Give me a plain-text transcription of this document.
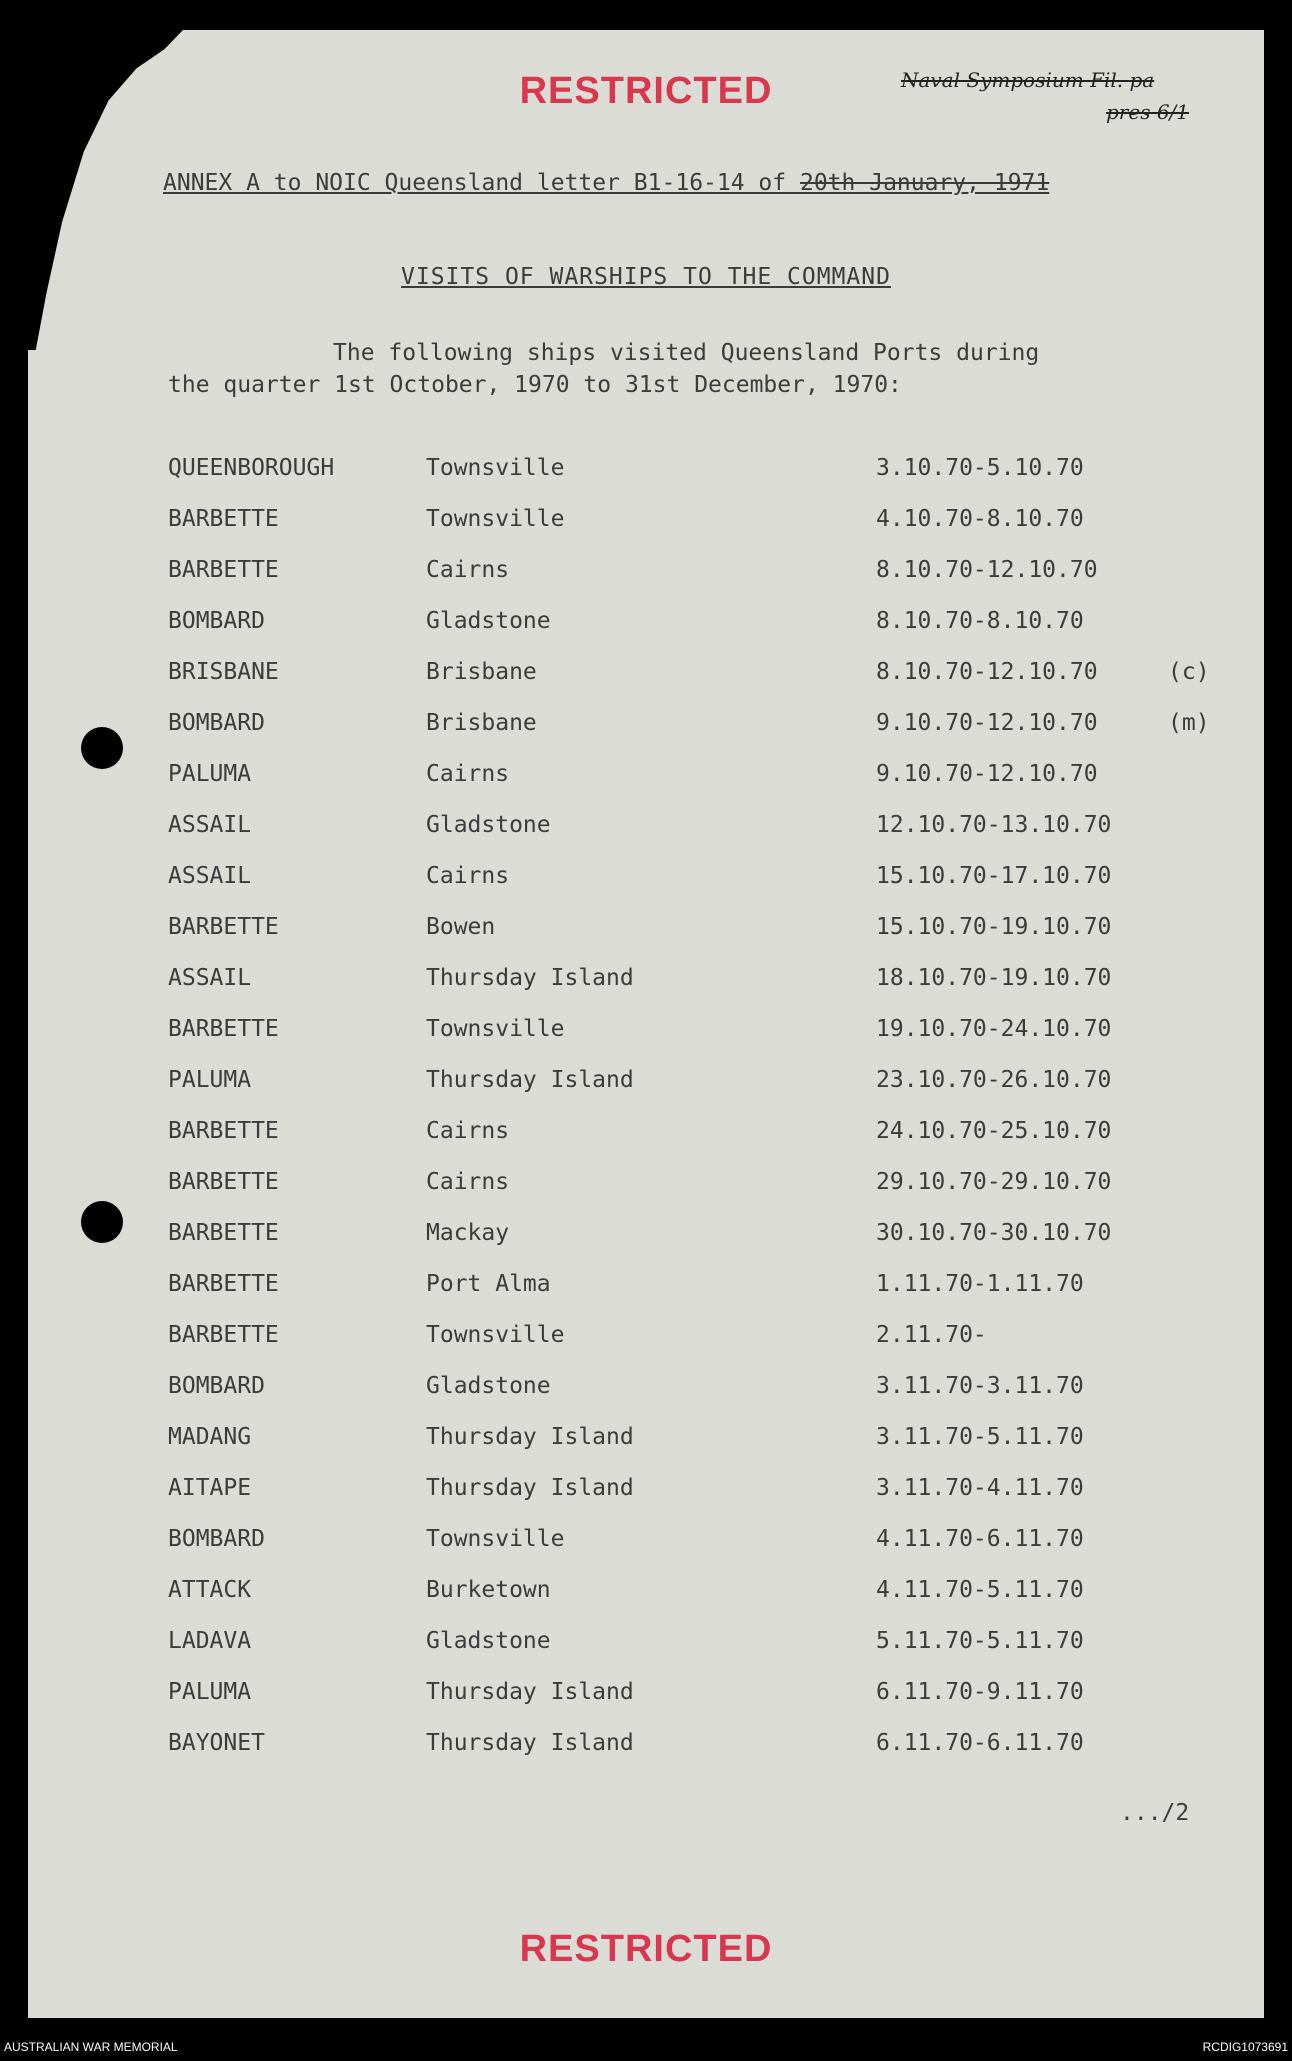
RESTRICTED	Naval Symposium Fil. pa
pres 6/1
ANNEX A to NOIC Queensland letter B1-16-14 of 20th January, 1971
VISITS OF WARSHIPS TO THE COMMAND
The following ships visited Queensland Ports during
the quarter 1st October, 1970 to 31st December, 1970:
QUEENBOROUGH	Townsville	3.10.70-5.10.70
BARBETTE	Townsville	4.10.70-8.10.70
BARBETTE	Cairns	8.10.70-12.10.70
BOMBARD	Gladstone	8.10.70-8.10.70
BRISBANE	Brisbane	8.10.70-12.10.70	(c)
BOMBARD	Brisbane	9.10.70-12.10.70	(m)
PALUMA	Cairns	9.10.70-12.10.70
ASSAIL	Gladstone	12.10.70-13.10.70
ASSAIL	Cairns	15.10.70-17.10.70
BARBETTE	Bowen	15.10.70-19.10.70
ASSAIL	Thursday Island	18.10.70-19.10.70
BARBETTE	Townsville	19.10.70-24.10.70
PALUMA	Thursday Island	23.10.70-26.10.70
BARBETTE	Cairns	24.10.70-25.10.70
BARBETTE	Cairns	29.10.70-29.10.70
BARBETTE	Mackay	30.10.70-30.10.70
BARBETTE	Port Alma	1.11.70-1.11.70
BARBETTE	Townsville	2.11.70-
BOMBARD	Gladstone	3.11.70-3.11.70
MADANG	Thursday Island	3.11.70-5.11.70
AITAPE	Thursday Island	3.11.70-4.11.70
BOMBARD	Townsville	4.11.70-6.11.70
ATTACK	Burketown	4.11.70-5.11.70
LADAVA	Gladstone	5.11.70-5.11.70
PALUMA	Thursday Island	6.11.70-9.11.70
BAYONET	Thursday Island	6.11.70-6.11.70
.../2
RESTRICTED
AUSTRALIAN WAR MEMORIAL	RCDIG1073691
